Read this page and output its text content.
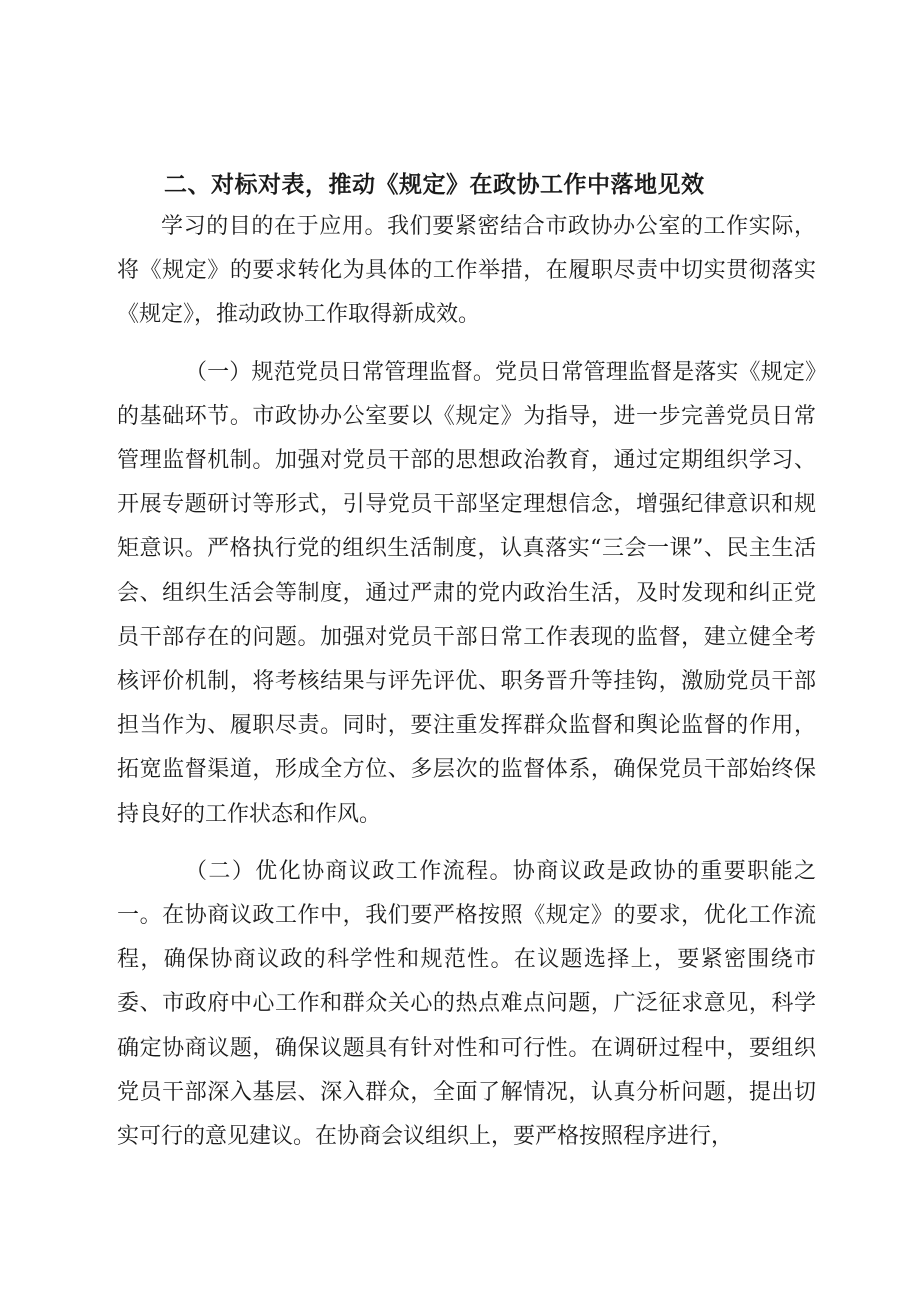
二、对标对表，推动《规定》在政协工作中落地见效

学习的目的在于应用。我们要紧密结合市政协办公室的工作实际，将《规定》的要求转化为具体的工作举措，在履职尽责中切实贯彻落实《规定》，推动政协工作取得新成效。

（一）规范党员日常管理监督。党员日常管理监督是落实《规定》的基础环节。市政协办公室要以《规定》为指导，进一步完善党员日常管理监督机制。加强对党员干部的思想政治教育，通过定期组织学习、开展专题研讨等形式，引导党员干部坚定理想信念，增强纪律意识和规矩意识。严格执行党的组织生活制度，认真落实“三会一课”、民主生活会、组织生活会等制度，通过严肃的党内政治生活，及时发现和纠正党员干部存在的问题。加强对党员干部日常工作表现的监督，建立健全考核评价机制，将考核结果与评先评优、职务晋升等挂钩，激励党员干部担当作为、履职尽责。同时，要注重发挥群众监督和舆论监督的作用，拓宽监督渠道，形成全方位、多层次的监督体系，确保党员干部始终保持良好的工作状态和作风。

（二）优化协商议政工作流程。协商议政是政协的重要职能之一。在协商议政工作中，我们要严格按照《规定》的要求，优化工作流程，确保协商议政的科学性和规范性。在议题选择上，要紧密围绕市委、市政府中心工作和群众关心的热点难点问题，广泛征求意见，科学确定协商议题，确保议题具有针对性和可行性。在调研过程中，要组织党员干部深入基层、深入群众，全面了解情况，认真分析问题，提出切实可行的意见建议。在协商会议组织上，要严格按照程序进行，
